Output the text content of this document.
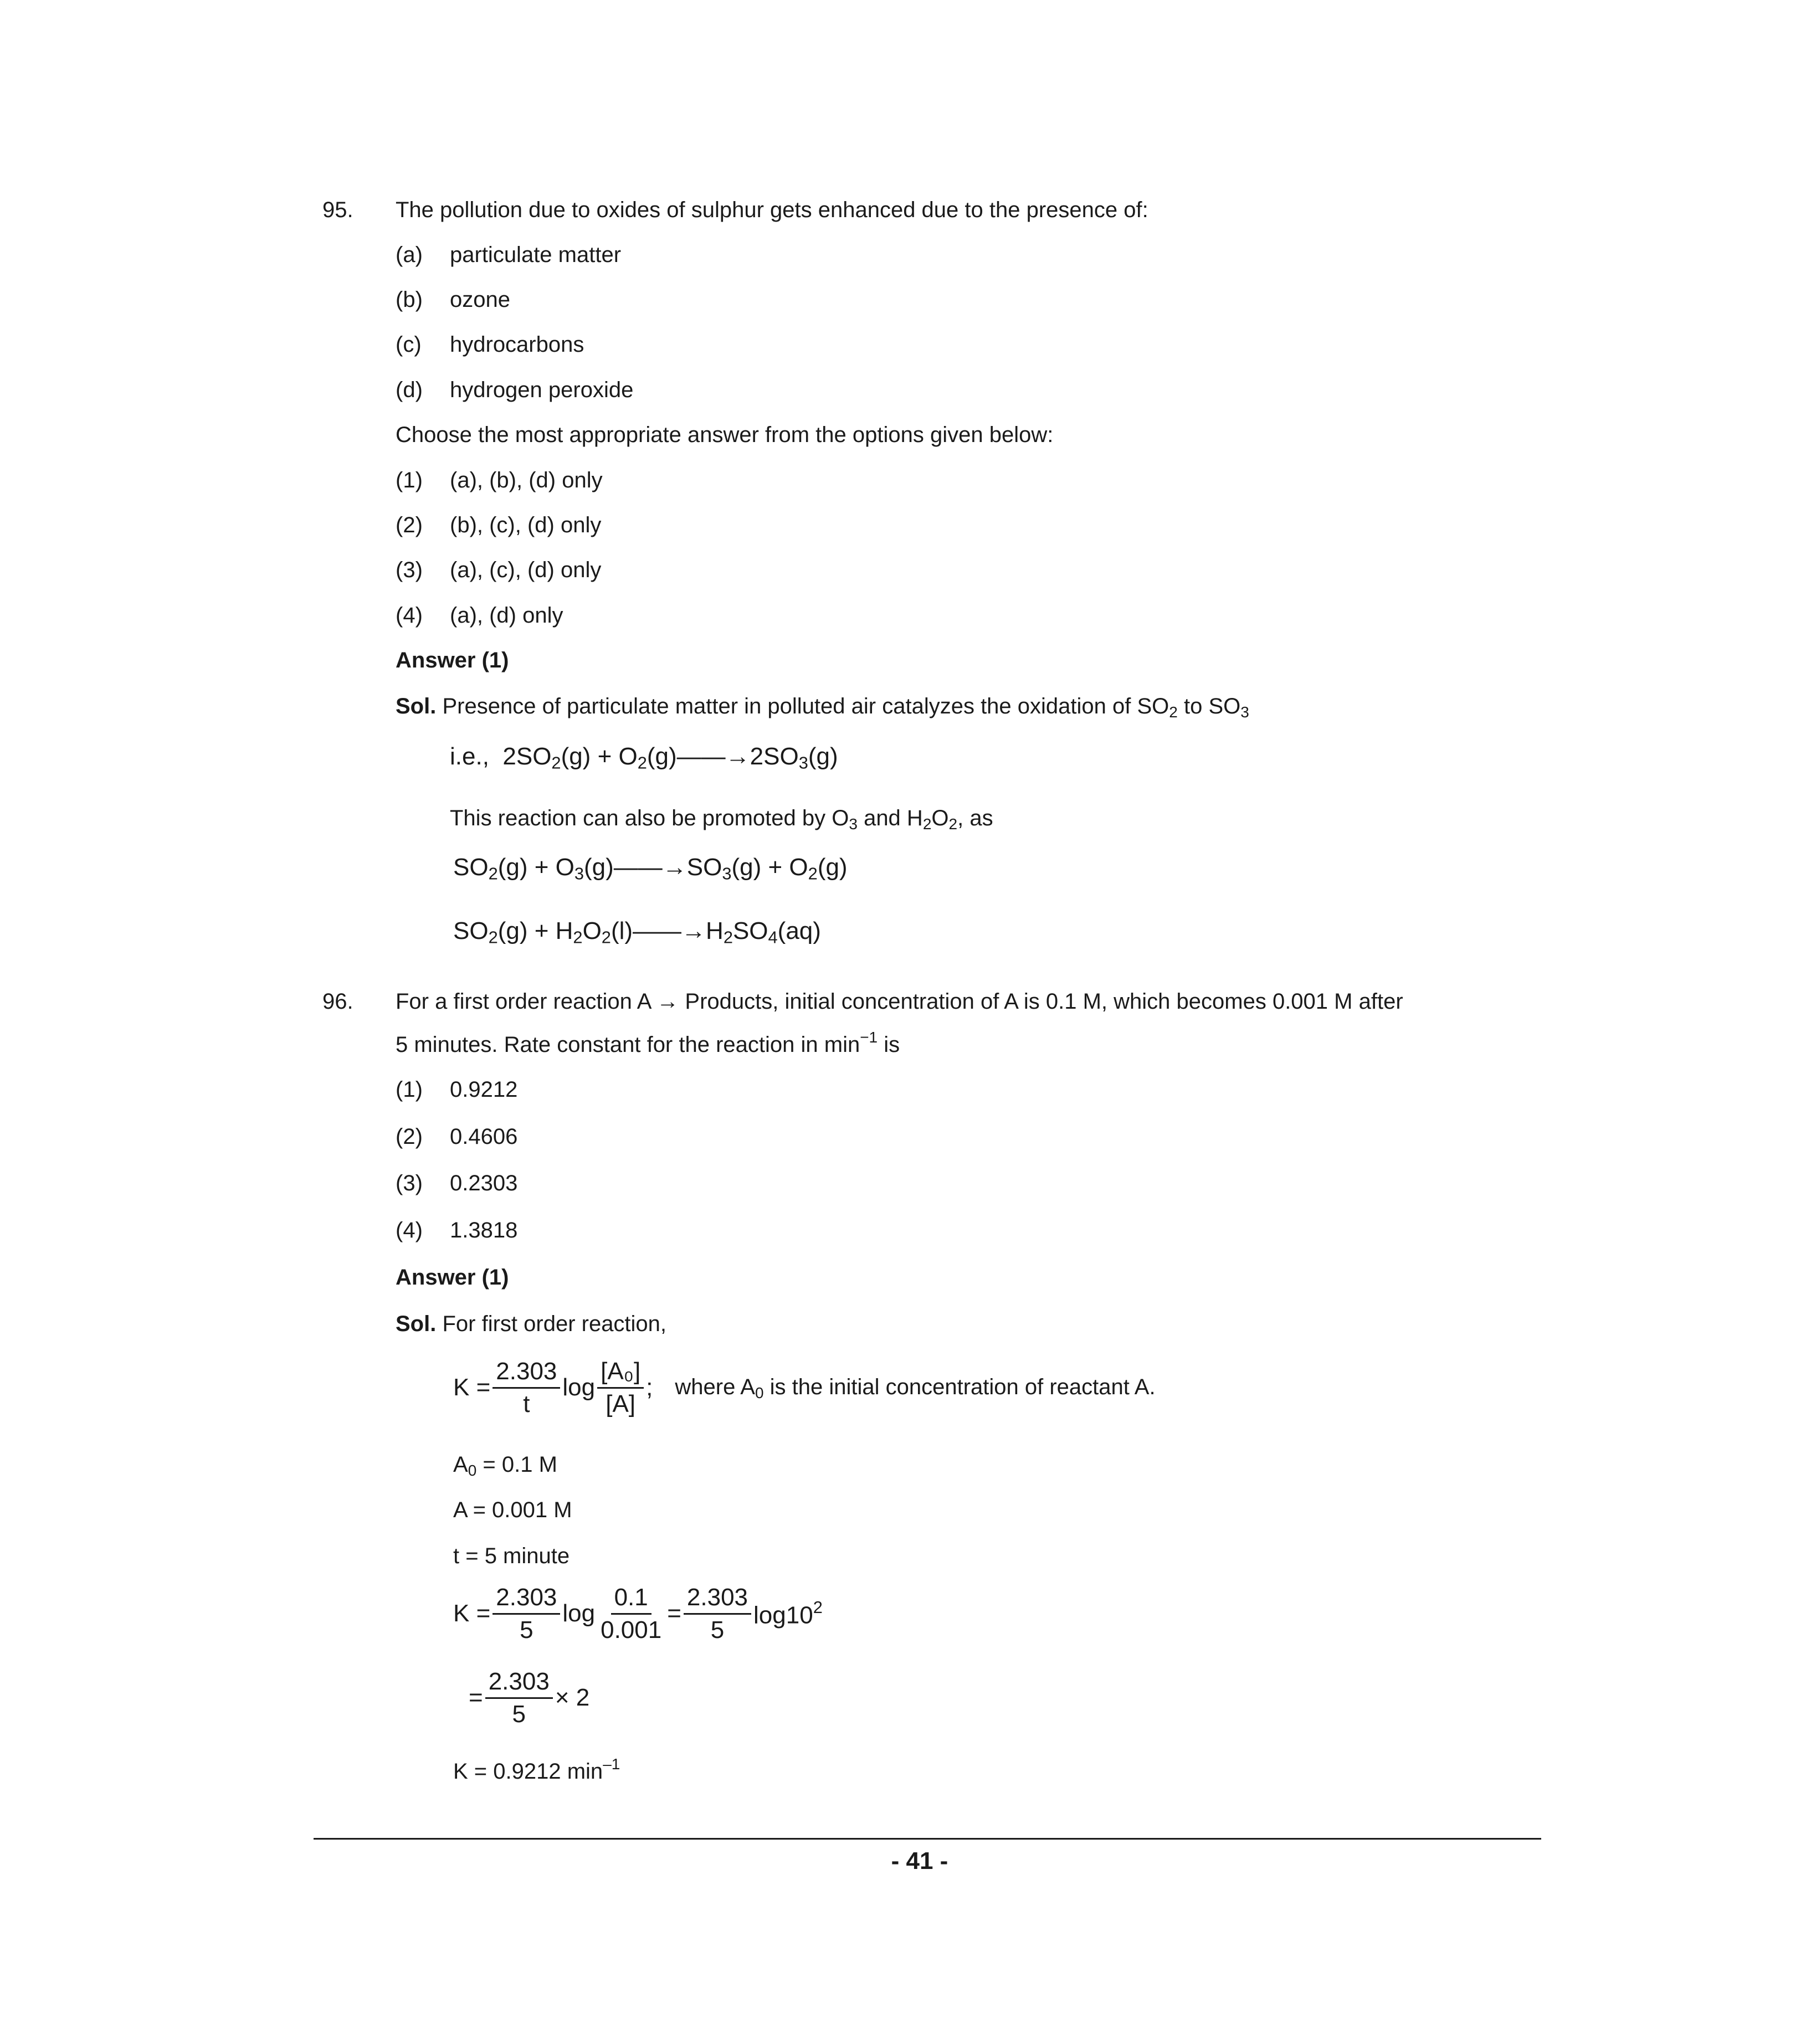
95. The pollution due to oxides of sulphur gets enhanced due to the presence of:
(a) particulate matter
(b) ozone
(c) hydrocarbons
(d) hydrogen peroxide
Choose the most appropriate answer from the options given below:
(1) (a), (b), (d) only
(2) (b), (c), (d) only
(3) (a), (c), (d) only
(4) (a), (d) only
Answer (1)
Sol. Presence of particulate matter in polluted air catalyzes the oxidation of $SO_2$ to $SO_3$
i.e.,  $2SO_2(g)$ + $O_2(g)——\to 2SO_3(g)$
This reaction can also be promoted by $O_3$ and $H_2O_2$, as
$SO_2(g)$ + $O_3(g)——\to SO_3(g) + O_2(g)$
$SO_2(g)$ + $H_2O_2(l)——\to H_2SO_4(aq)$
96. For a first order reaction A → Products, initial concentration of A is 0.1 M, which becomes 0.001 M after
5 minutes. Rate constant for the reaction in $\min^{-1}$ is
(1) 0.9212
(2) 0.4606
(3) 0.2303
(4) 1.3818
Answer (1)
Sol. For first order reaction,
$K = \frac{2.303}{t}$ $\log \frac{\text{[A₀]}}{[A]}$ ; where $A_0$ is the initial concentration of reactant A.
$A_0 = 0.1$ M
A = 0.001 M
t = 5 minute
$K = \frac{2.303}{5}$ $\log \frac{0.1}{0.001} = \frac{2.303}{5} \log 10^2$
= $\frac{2.303}{5} \times 2$
K = 0.9212 $\min^{-1}$
- 41 -
